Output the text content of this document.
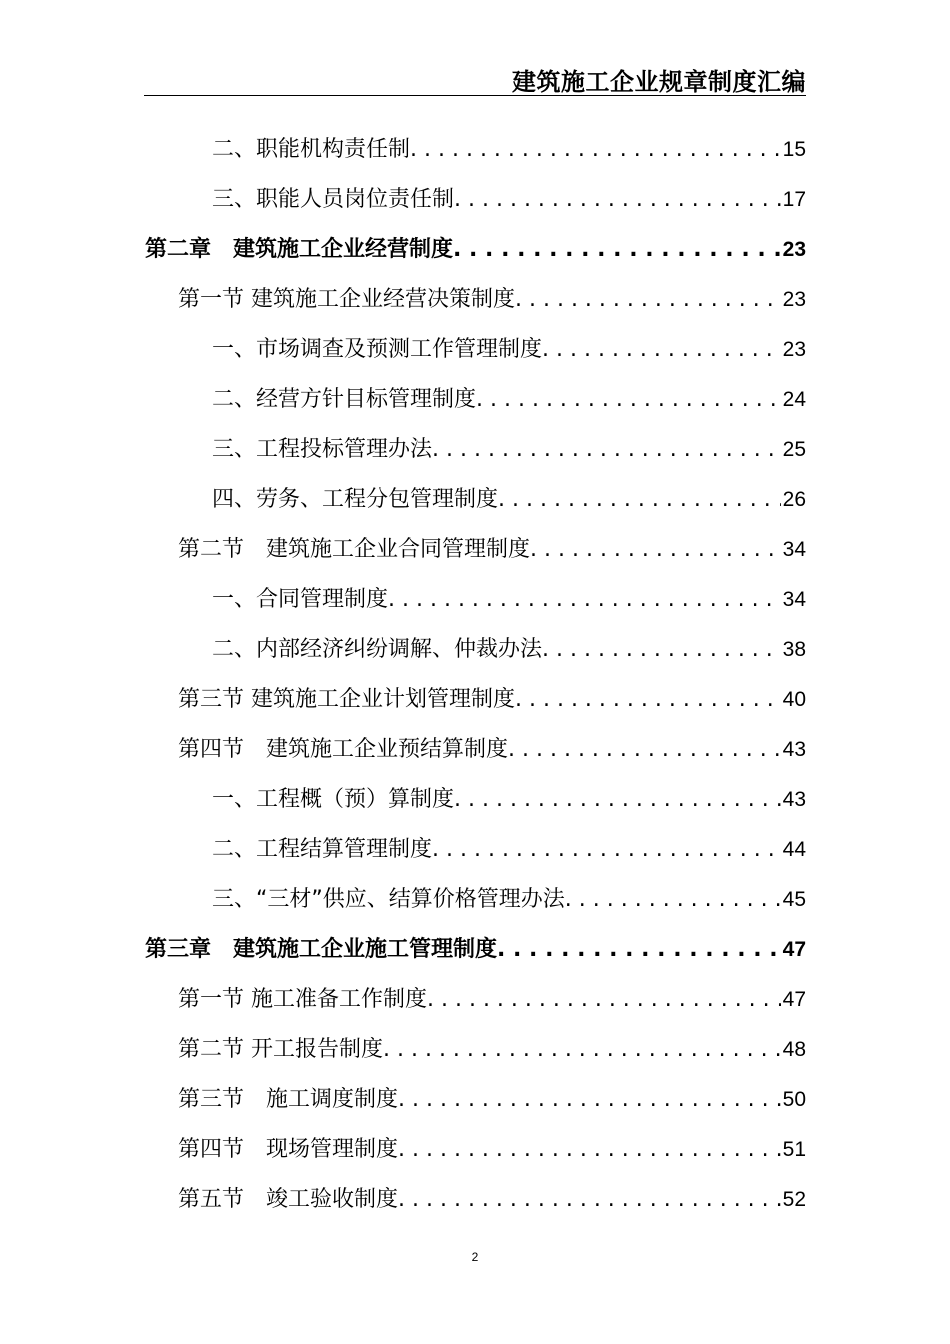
建筑施工企业规章制度汇编
二、职能机构责任制 . . .	15
三、职能人员岗位责任制 . . .	17
第二章　建筑施工企业经营制度 . . .	23
第一节 建筑施工企业经营决策制度 . . .	23
一、市场调查及预测工作管理制度 . . .	23
二、经营方针目标管理制度 . . .	24
三、工程投标管理办法 . . .	25
四、劳务、工程分包管理制度 . . .	26
第二节　建筑施工企业合同管理制度 . . .	34
一、合同管理制度 . . .	34
二、内部经济纠纷调解、仲裁办法 . . .	38
第三节 建筑施工企业计划管理制度 . . .	40
第四节　建筑施工企业预结算制度 . . .	43
一、工程概（预）算制度 . . .	43
二、工程结算管理制度 . . .	44
三、“三材”供应、结算价格管理办法 . . .	45
第三章　建筑施工企业施工管理制度 . . .	47
第一节 施工准备工作制度 . . .	47
第二节 开工报告制度 . . .	48
第三节　施工调度制度 . . .	50
第四节　现场管理制度 . . .	51
第五节　竣工验收制度 . . .	52
2
